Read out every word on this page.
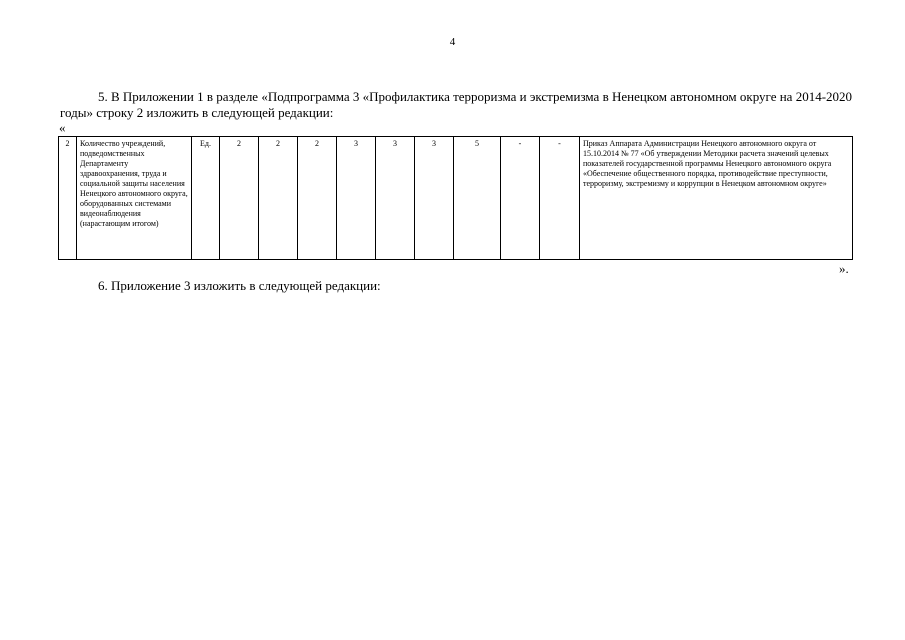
4
5. В Приложении 1 в разделе «Подпрограмма 3 «Профилактика терроризма и экстремизма в Ненецком автономном округе на 2014-2020 годы» строку 2 изложить в следующей редакции:
«
2	Количество учреждений, подведомственных Департаменту здравоохранения, труда и социальной защиты населения Ненецкого автономного округа, оборудованных системами видеонаблюдения (нарастающим итогом)	Ед.	2	2	2	3	3	3	5	-	-	Приказ Аппарата Администрации Ненецкого автономного округа от 15.10.2014 № 77 «Об утверждении Методики расчета значений целевых показателей государственной программы Ненецкого автономного округа «Обеспечение общественного порядка, противодействие преступности, терроризму, экстремизму и коррупции в Ненецком автономном округе»
».
6. Приложение 3 изложить в следующей редакции:
